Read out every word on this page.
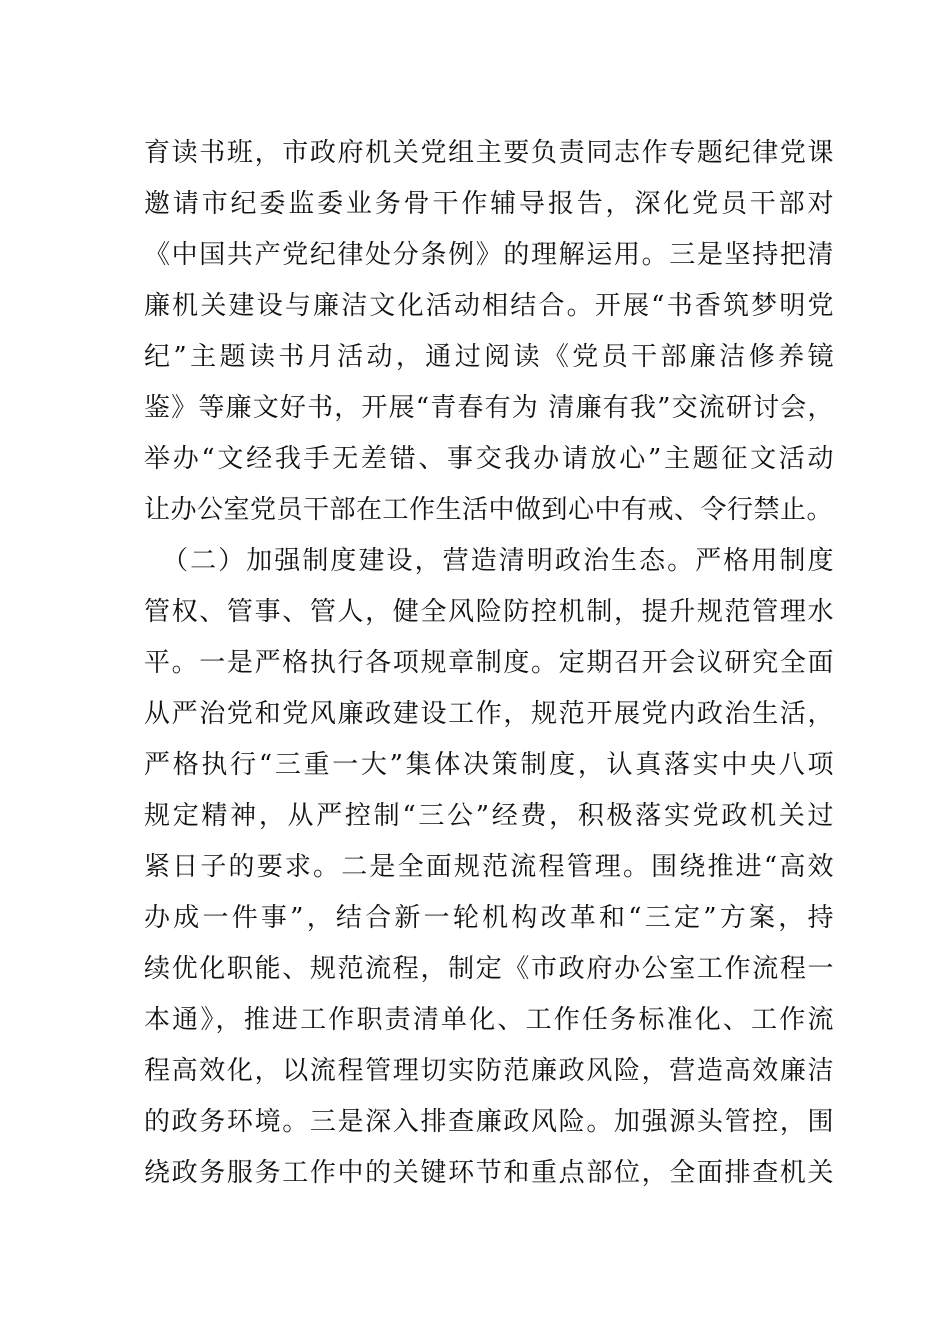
育读书班，市政府机关党组主要负责同志作专题纪律党课
邀请市纪委监委业务骨干作辅导报告，深化党员干部对
《中国共产党纪律处分条例》的理解运用。三是坚持把清
廉机关建设与廉洁文化活动相结合。开展“书香筑梦明党
纪”主题读书月活动，通过阅读《党员干部廉洁修养镜
鉴》等廉文好书，开展“青春有为 清廉有我”交流研讨会，
举办“文经我手无差错、事交我办请放心”主题征文活动
让办公室党员干部在工作生活中做到心中有戒、令行禁止。
（二）加强制度建设，营造清明政治生态。严格用制度
管权、管事、管人，健全风险防控机制，提升规范管理水
平。一是严格执行各项规章制度。定期召开会议研究全面
从严治党和党风廉政建设工作，规范开展党内政治生活，
严格执行“三重一大”集体决策制度，认真落实中央八项
规定精神，从严控制“三公”经费，积极落实党政机关过
紧日子的要求。二是全面规范流程管理。围绕推进“高效
办成一件事”，结合新一轮机构改革和“三定”方案，持
续优化职能、规范流程，制定《市政府办公室工作流程一
本通》，推进工作职责清单化、工作任务标准化、工作流
程高效化，以流程管理切实防范廉政风险，营造高效廉洁
的政务环境。三是深入排查廉政风险。加强源头管控，围
绕政务服务工作中的关键环节和重点部位，全面排查机关
